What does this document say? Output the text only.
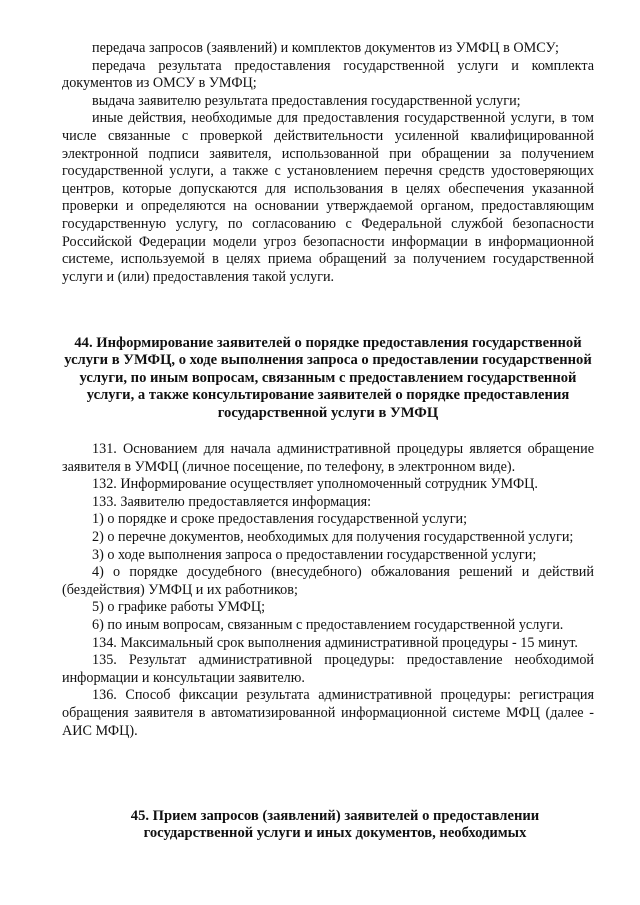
передача запросов (заявлений) и комплектов документов из УМФЦ в ОМСУ;

передача результата предоставления государственной услуги и комплекта документов из ОМСУ в УМФЦ;

выдача заявителю результата предоставления государственной услуги;

иные действия, необходимые для предоставления государственной услуги, в том числе связанные с проверкой действительности усиленной квалифицированной электронной подписи заявителя, использованной при обращении за получением государственной услуги, а также с установлением перечня средств удостоверяющих центров, которые допускаются для использования в целях обеспечения указанной проверки и определяются на основании утверждаемой органом, предоставляющим государственную услугу, по согласованию с Федеральной службой безопасности Российской Федерации модели угроз безопасности информации в информационной системе, используемой в целях приема обращений за получением государственной услуги и (или) предоставления такой услуги.

44. Информирование заявителей о порядке предоставления государственной услуги в УМФЦ, о ходе выполнения запроса о предоставлении государственной услуги, по иным вопросам, связанным с предоставлением государственной услуги, а также консультирование заявителей о порядке предоставления государственной услуги в УМФЦ

131. Основанием для начала административной процедуры является обращение заявителя в УМФЦ (личное посещение, по телефону, в электронном виде).

132. Информирование осуществляет уполномоченный сотрудник УМФЦ.

133. Заявителю предоставляется информация:

1) о порядке и сроке предоставления государственной услуги;

2) о перечне документов, необходимых для получения государственной услуги;

3) о ходе выполнения запроса о предоставлении государственной услуги;

4) о порядке досудебного (внесудебного) обжалования решений и действий (бездействия) УМФЦ и их работников;

5) о графике работы УМФЦ;

6) по иным вопросам, связанным с предоставлением государственной услуги.

134. Максимальный срок выполнения административной процедуры - 15 минут.

135. Результат административной процедуры: предоставление необходимой информации и консультации заявителю.

136. Способ фиксации результата административной процедуры: регистрация обращения заявителя в автоматизированной информационной системе МФЦ (далее - АИС МФЦ).

45. Прием запросов (заявлений) заявителей о предоставлении государственной услуги и иных документов, необходимых
